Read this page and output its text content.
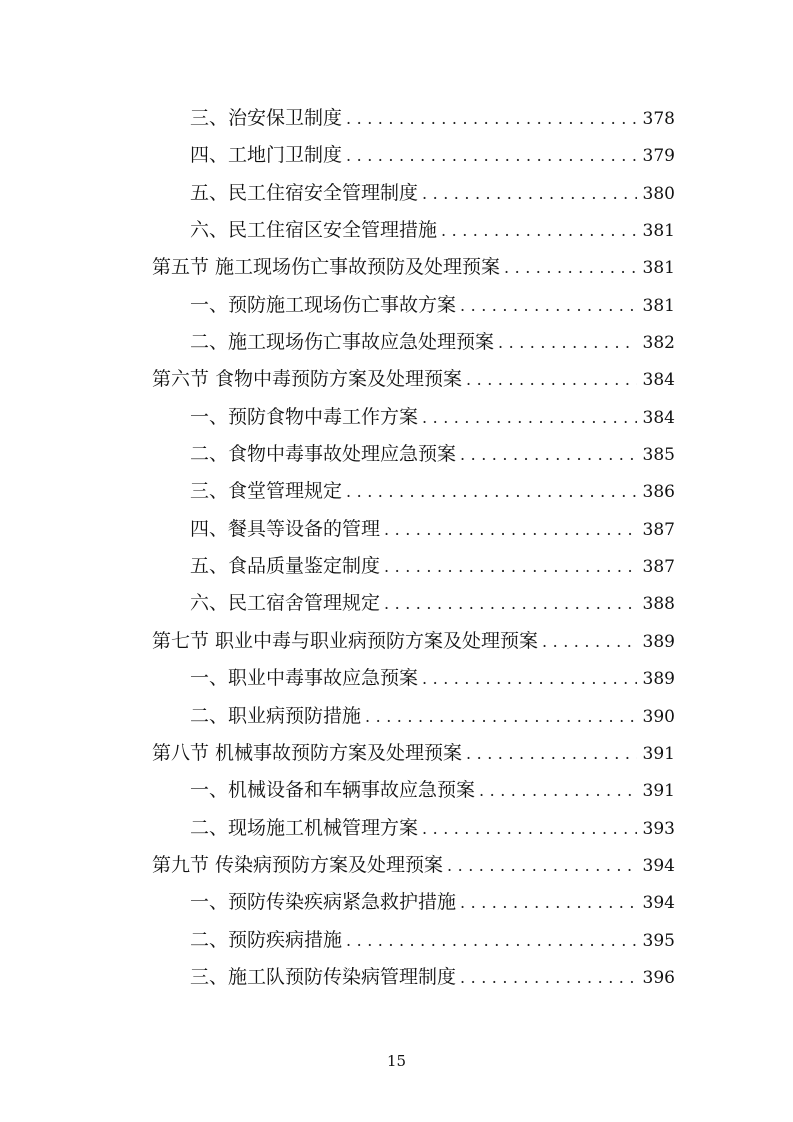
三、治安保卫制度 .....	378
四、工地门卫制度 .....	379
五、民工住宿安全管理制度 .....	380
六、民工住宿区安全管理措施 .....	381
第五节 施工现场伤亡事故预防及处理预案 .....	381
一、预防施工现场伤亡事故方案 .....	381
二、施工现场伤亡事故应急处理预案 .....	382
第六节 食物中毒预防方案及处理预案 .....	384
一、预防食物中毒工作方案 .....	384
二、食物中毒事故处理应急预案 .....	385
三、食堂管理规定 .....	386
四、餐具等设备的管理 .....	387
五、食品质量鉴定制度 .....	387
六、民工宿舍管理规定 .....	388
第七节 职业中毒与职业病预防方案及处理预案 .....	389
一、职业中毒事故应急预案 .....	389
二、职业病预防措施 .....	390
第八节 机械事故预防方案及处理预案 .....	391
一、机械设备和车辆事故应急预案 .....	391
二、现场施工机械管理方案 .....	393
第九节 传染病预防方案及处理预案 .....	394
一、预防传染疾病紧急救护措施 .....	394
二、预防疾病措施 .....	395
三、施工队预防传染病管理制度 .....	396
15
